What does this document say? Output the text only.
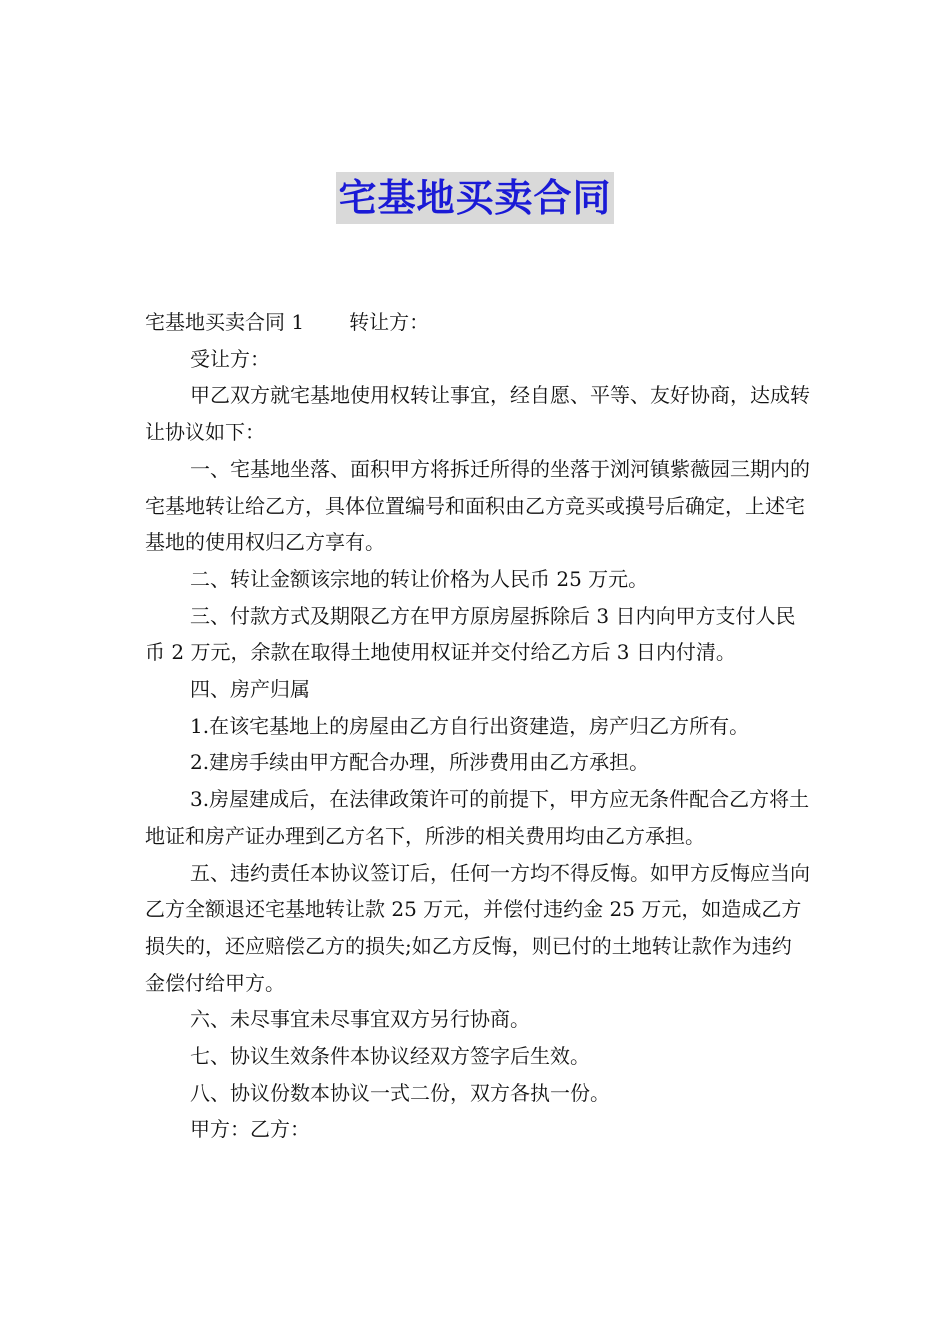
宅基地买卖合同

宅基地买卖合同 1 转让方：

受让方：

甲乙双方就宅基地使用权转让事宜，经自愿、平等、友好协商，达成转让协议如下：

一、宅基地坐落、面积甲方将拆迁所得的坐落于浏河镇紫薇园三期内的宅基地转让给乙方，具体位置编号和面积由乙方竞买或摸号后确定，上述宅基地的使用权归乙方享有。

二、转让金额该宗地的转让价格为人民币 25 万元。

三、付款方式及期限乙方在甲方原房屋拆除后 3 日内向甲方支付人民币 2 万元，余款在取得土地使用权证并交付给乙方后 3 日内付清。

四、房产归属

1.在该宅基地上的房屋由乙方自行出资建造，房产归乙方所有。

2.建房手续由甲方配合办理，所涉费用由乙方承担。

3.房屋建成后，在法律政策许可的前提下，甲方应无条件配合乙方将土地证和房产证办理到乙方名下，所涉的相关费用均由乙方承担。

五、违约责任本协议签订后，任何一方均不得反悔。如甲方反悔应当向乙方全额退还宅基地转让款 25 万元，并偿付违约金 25 万元，如造成乙方损失的，还应赔偿乙方的损失;如乙方反悔，则已付的土地转让款作为违约金偿付给甲方。

六、未尽事宜未尽事宜双方另行协商。

七、协议生效条件本协议经双方签字后生效。

八、协议份数本协议一式二份，双方各执一份。

甲方：乙方：
